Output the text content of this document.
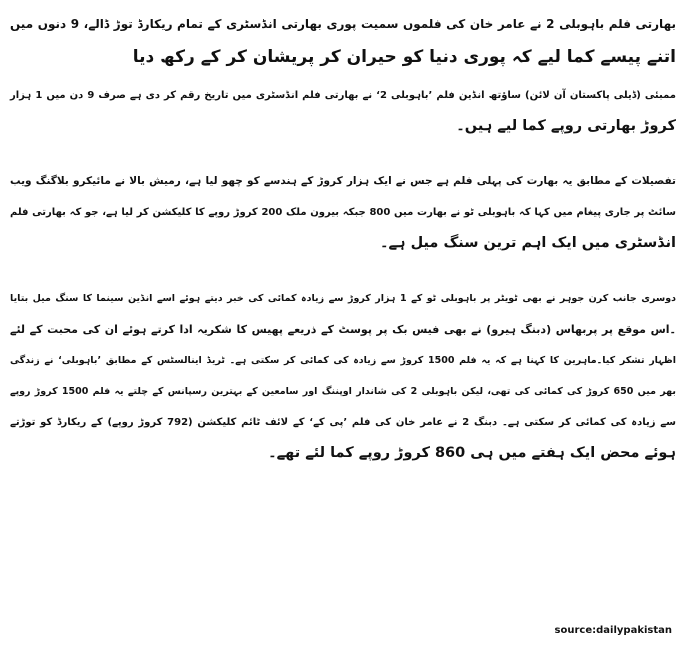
بھارتی فلم باہوبلی 2 نے عامر خان کی فلموں سمیت پوری بھارتی انڈسٹری کے تمام ریکارڈ توڑ ڈالے، 9 دنوں میں
اتنے پیسے کما لیے کہ پوری دنیا کو حیران کر پریشان کر کے رکھ دیا

ممبئی (ڈیلی پاکستان آن لائن) ساؤتھ انڈین فلم ’باہوبلی 2‘ نے بھارتی فلم انڈسٹری میں تاریخ رقم کر دی ہے صرف 9 دن میں 1 ہزار
کروڑ بھارتی روپے کما لیے ہیں۔

تفصیلات کے مطابق یہ بھارت کی پہلی فلم ہے جس نے ایک ہزار کروڑ کے ہندسے کو چھو لیا ہے، رمیش بالا نے مائیکرو بلاگنگ ویب
سائٹ پر جاری پیغام میں کہا کہ باہوبلی ٹو نے بھارت میں 800 جبکہ بیرون ملک 200 کروڑ روپے کا کلیکشن کر لیا ہے، جو کہ بھارتی فلم
انڈسٹری میں ایک اہم ترین سنگ میل ہے۔

دوسری جانب کرن جوہر نے بھی ٹویٹر پر باہوبلی ٹو کے 1 ہزار کروڑ سے زیادہ کمائی کی خبر دیتے ہوئے اسے انڈین سینما کا سنگ میل بتایا
۔اس موقع پر پربھاس (دبنگ ہیرو) نے بھی فیس بک پر پوسٹ کے ذریعے پھیس کا شکریہ ادا کرتے ہوئے ان کی محبت کے لئے
اظہار تشکر کیا۔ماہرین کا کہنا ہے کہ یہ فلم 1500 کروڑ سے زیادہ کی کمائی کر سکتی ہے۔ ٹریڈ اینالسٹس کے مطابق ’باہوبلی‘ نے زندگی
بھر میں 650 کروڑ کی کمائی کی تھی، لیکن باہوبلی 2 کی شاندار اوپننگ اور سامعین کے بہترین رسپانس کے چلتے یہ فلم 1500 کروڑ روپے
سے زیادہ کی کمائی کر سکتی ہے۔ دبنگ 2 نے عامر خان کی فلم ’پی کے‘ کے لائف ٹائم کلیکشن (792 کروڑ روپے) کے ریکارڈ کو توڑتے
ہوئے محض ایک ہفتے میں ہی 860 کروڑ روپے کما لئے تھے۔

source:dailypakistan
